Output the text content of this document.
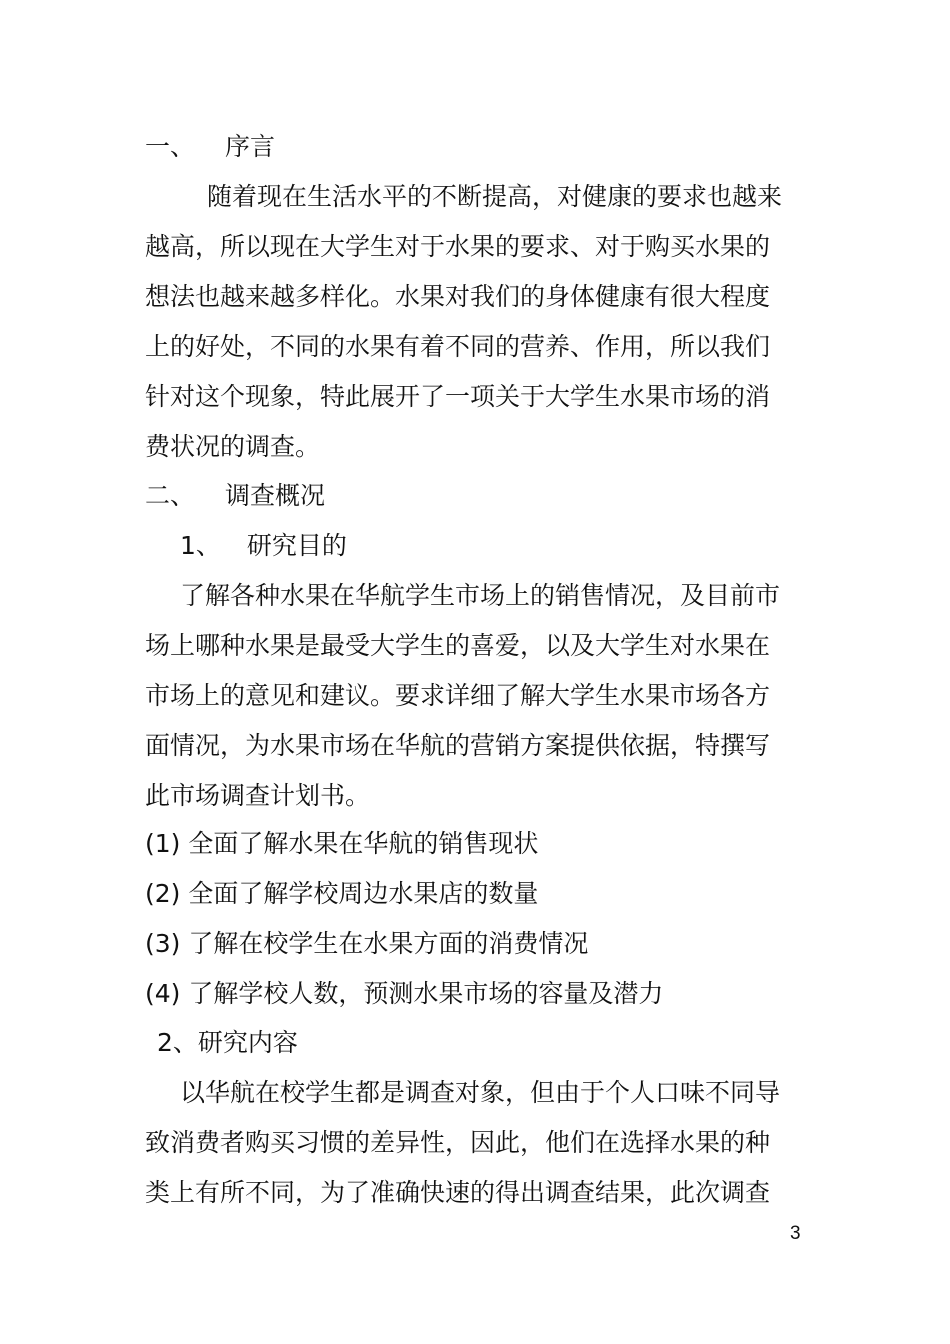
一、 序言
随着现在生活水平的不断提高，对健康的要求也越来
越高，所以现在大学生对于水果的要求、对于购买水果的
想法也越来越多样化。水果对我们的身体健康有很大程度
上的好处，不同的水果有着不同的营养、作用，所以我们
针对这个现象，特此展开了一项关于大学生水果市场的消
费状况的调查。
二、 调查概况
1、 研究目的
了解各种水果在华航学生市场上的销售情况，及目前市
场上哪种水果是最受大学生的喜爱，以及大学生对水果在
市场上的意见和建议。要求详细了解大学生水果市场各方
面情况，为水果市场在华航的营销方案提供依据，特撰写
此市场调查计划书。
(1) 全面了解水果在华航的销售现状
(2) 全面了解学校周边水果店的数量
(3) 了解在校学生在水果方面的消费情况
(4) 了解学校人数，预测水果市场的容量及潜力
2、研究内容
以华航在校学生都是调查对象，但由于个人口味不同导
致消费者购买习惯的差异性，因此，他们在选择水果的种
类上有所不同，为了准确快速的得出调查结果，此次调查
3
